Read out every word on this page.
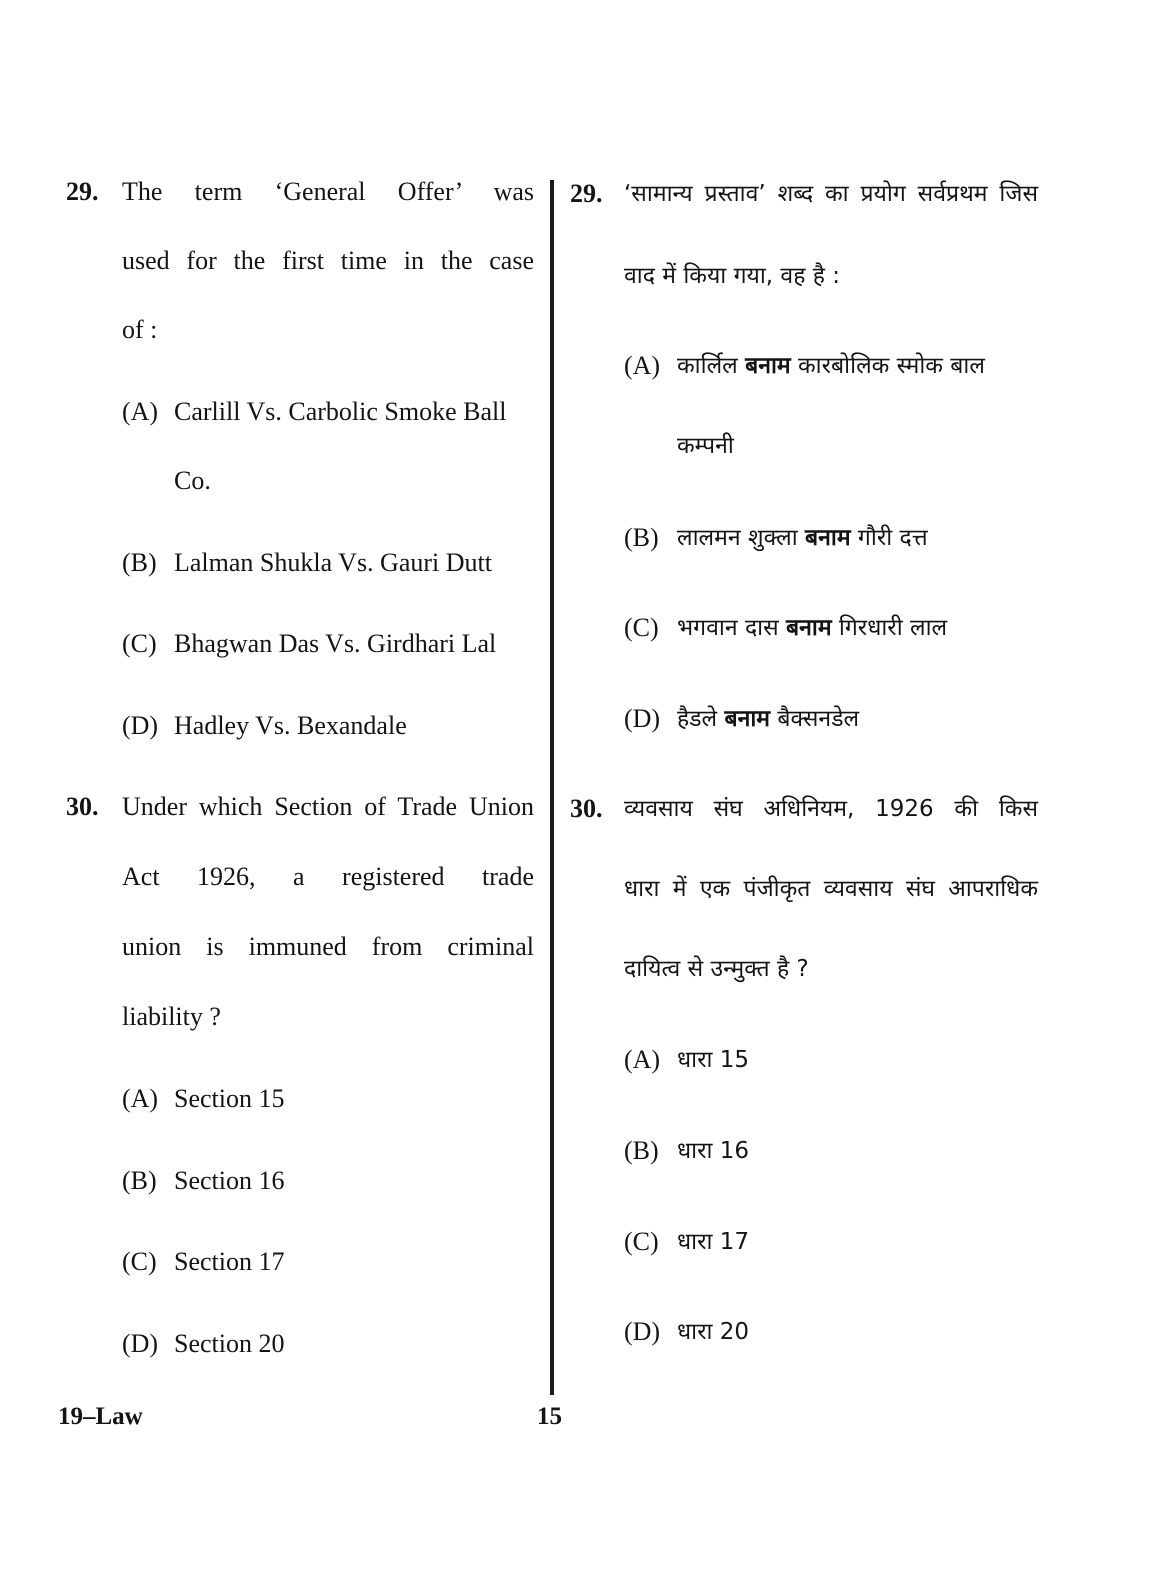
29. The term ‘General Offer’ was
used for the first time in the case
of :
(A) Carlill Vs. Carbolic Smoke Ball
Co.
(B) Lalman Shukla Vs. Gauri Dutt
(C) Bhagwan Das Vs. Girdhari Lal
(D) Hadley Vs. Bexandale
30. Under which Section of Trade Union
Act 1926, a registered trade
union is immuned from criminal
liability ?
(A) Section 15
(B) Section 16
(C) Section 17
(D) Section 20
29. ‘सामान्य प्रस्ताव’ शब्द का प्रयोग सर्वप्रथम जिस
वाद में किया गया, वह है :
(A) कार्लिल बनाम कारबोलिक स्मोक बाल
कम्पनी
(B) लालमन शुक्ला बनाम गौरी दत्त
(C) भगवान दास बनाम गिरधारी लाल
(D) हैडले बनाम बैक्सनडेल
30. व्यवसाय संघ अधिनियम, 1926 की किस
धारा में एक पंजीकृत व्यवसाय संघ आपराधिक
दायित्व से उन्मुक्त है ?
(A) धारा 15
(B) धारा 16
(C) धारा 17
(D) धारा 20
19–Law	15
